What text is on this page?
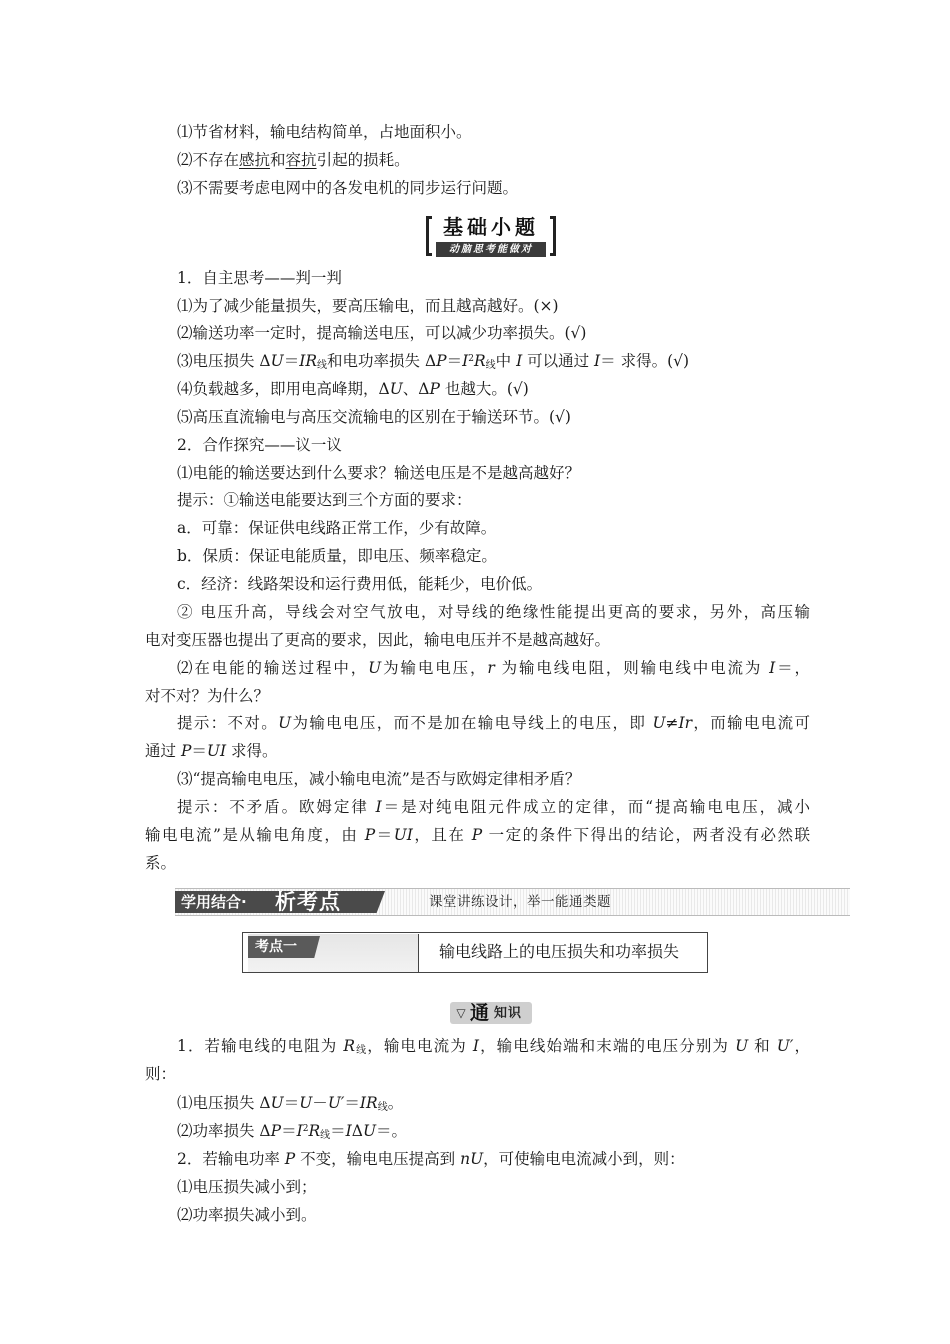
⑴节省材料，输电结构简单，占地面积小。
⑵不存在感抗和容抗引起的损耗。
⑶不需要考虑电网中的各发电机的同步运行问题。
基础小题
动脑思考能做对
1．自主思考——判一判
⑴为了减少能量损失，要高压输电，而且越高越好。(×)
⑵输送功率一定时，提高输送电压，可以减少功率损失。(√)
⑶电压损失 $\Delta U=IR_线$和电功率损失 $\Delta P=I^2R_线$中 I 可以通过 I＝ 求得。(√)
⑷负载越多，即用电高峰期，ΔU、ΔP 也越大。(√)
⑸高压直流输电与高压交流输电的区别在于输送环节。(√)
2．合作探究——议一议
⑴电能的输送要达到什么要求？输送电压是不是越高越好？
提示：①输送电能要达到三个方面的要求：
a．可靠：保证供电线路正常工作，少有故障。
b．保质：保证电能质量，即电压、频率稳定。
c．经济：线路架设和运行费用低，能耗少，电价低。
② 电压升高，导线会对空气放电，对导线的绝缘性能提出更高的要求，另外，高压输
电对变压器也提出了更高的要求，因此，输电电压并不是越高越好。
⑵在电能的输送过程中，U为输电电压，r 为输电线电阻，则输电线中电流为 I＝，
对不对？为什么？
提示：不对。U为输电电压，而不是加在输电导线上的电压，即 U≠Ir，而输电电流可
通过 P＝UI 求得。
⑶“提高输电电压，减小输电电流”是否与欧姆定律相矛盾？
提示：不矛盾。欧姆定律 I＝是对纯电阻元件成立的定律，而“提高输电电压，减小
输电电流”是从输电角度，由 P＝UI，且在 P 一定的条件下得出的结论，两者没有必然联
系。
学用结合· 析考点	课堂讲练设计，举一能通类题
考点一	输电线路上的电压损失和功率损失
▽ 通 知识
1．若输电线的电阻为 $R_线$，输电电流为 I，输电线始端和末端的电压分别为 U 和 U′，
则：
⑴电压损失 $\Delta U=U-U'=IR_线$。
⑵功率损失 $\Delta P=I^2R_线=I\Delta U=$。
2．若输电功率 P 不变，输电电压提高到 nU，可使输电电流减小到，则：
⑴电压损失减小到；
⑵功率损失减小到。
